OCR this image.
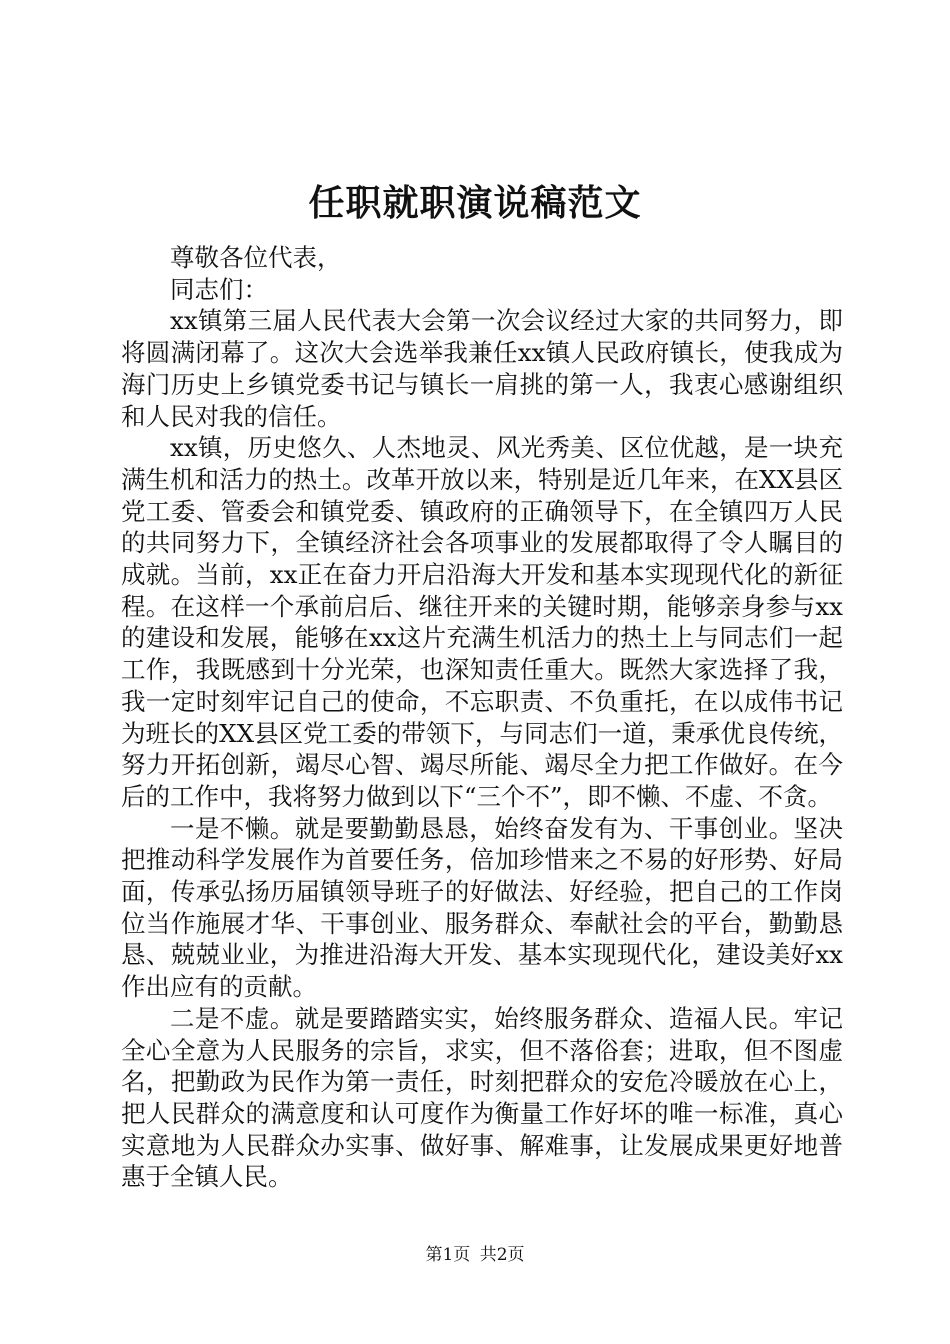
任职就职演说稿范文

尊敬各位代表，

同志们：

xx镇第三届人民代表大会第一次会议经过大家的共同努力，即将圆满闭幕了。这次大会选举我兼任xx镇人民政府镇长，使我成为海门历史上乡镇党委书记与镇长一肩挑的第一人，我衷心感谢组织和人民对我的信任。

xx镇，历史悠久、人杰地灵、风光秀美、区位优越，是一块充满生机和活力的热土。改革开放以来，特别是近几年来，在XX县区党工委、管委会和镇党委、镇政府的正确领导下，在全镇四万人民的共同努力下，全镇经济社会各项事业的发展都取得了令人瞩目的成就。当前，xx正在奋力开启沿海大开发和基本实现现代化的新征程。在这样一个承前启后、继往开来的关键时期，能够亲身参与xx的建设和发展，能够在xx这片充满生机活力的热土上与同志们一起工作，我既感到十分光荣，也深知责任重大。既然大家选择了我，我一定时刻牢记自己的使命，不忘职责、不负重托，在以成伟书记为班长的XX县区党工委的带领下，与同志们一道，秉承优良传统，努力开拓创新，竭尽心智、竭尽所能、竭尽全力把工作做好。在今后的工作中，我将努力做到以下“三个不”，即不懒、不虚、不贪。

一是不懒。就是要勤勤恳恳，始终奋发有为、干事创业。坚决把推动科学发展作为首要任务，倍加珍惜来之不易的好形势、好局面，传承弘扬历届镇领导班子的好做法、好经验，把自己的工作岗位当作施展才华、干事创业、服务群众、奉献社会的平台，勤勤恳恳、兢兢业业，为推进沿海大开发、基本实现现代化，建设美好xx作出应有的贡献。

二是不虚。就是要踏踏实实，始终服务群众、造福人民。牢记全心全意为人民服务的宗旨，求实，但不落俗套；进取，但不图虚名，把勤政为民作为第一责任，时刻把群众的安危冷暖放在心上，把人民群众的满意度和认可度作为衡量工作好坏的唯一标准，真心实意地为人民群众办实事、做好事、解难事，让发展成果更好地普惠于全镇人民。

第1页 共2页
